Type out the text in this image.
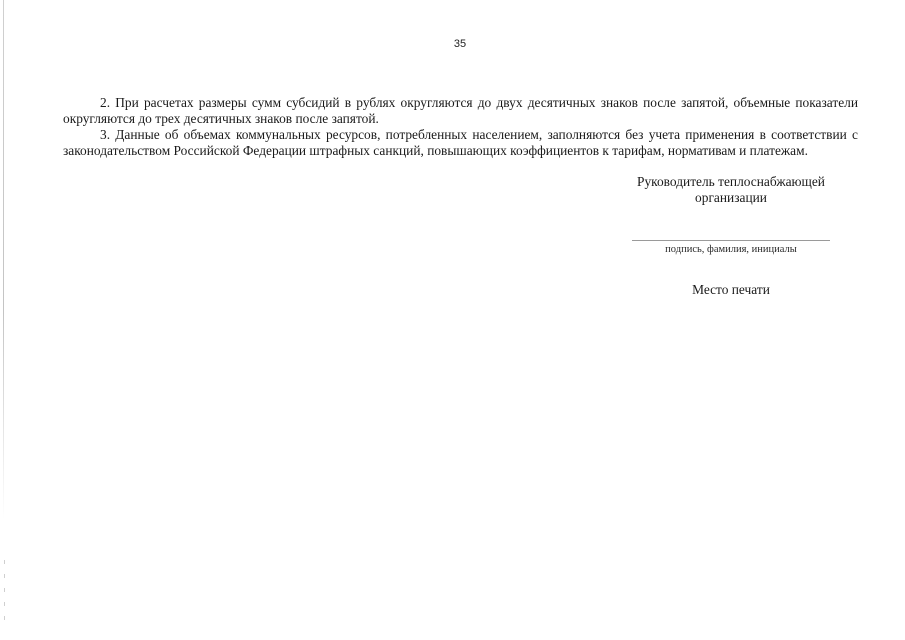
35

2. При расчетах размеры сумм субсидий в рублях округляются до двух десятичных знаков после запятой, объемные показатели округляются до трех десятичных знаков после запятой.

3. Данные об объемах коммунальных ресурсов, потребленных населением, заполняются без учета применения в соответствии с законодательством Российской Федерации штрафных санкций, повышающих коэффициентов к тарифам, нормативам и платежам.

Руководитель теплоснабжающей
организации
подпись, фамилия, инициалы
Место печати
